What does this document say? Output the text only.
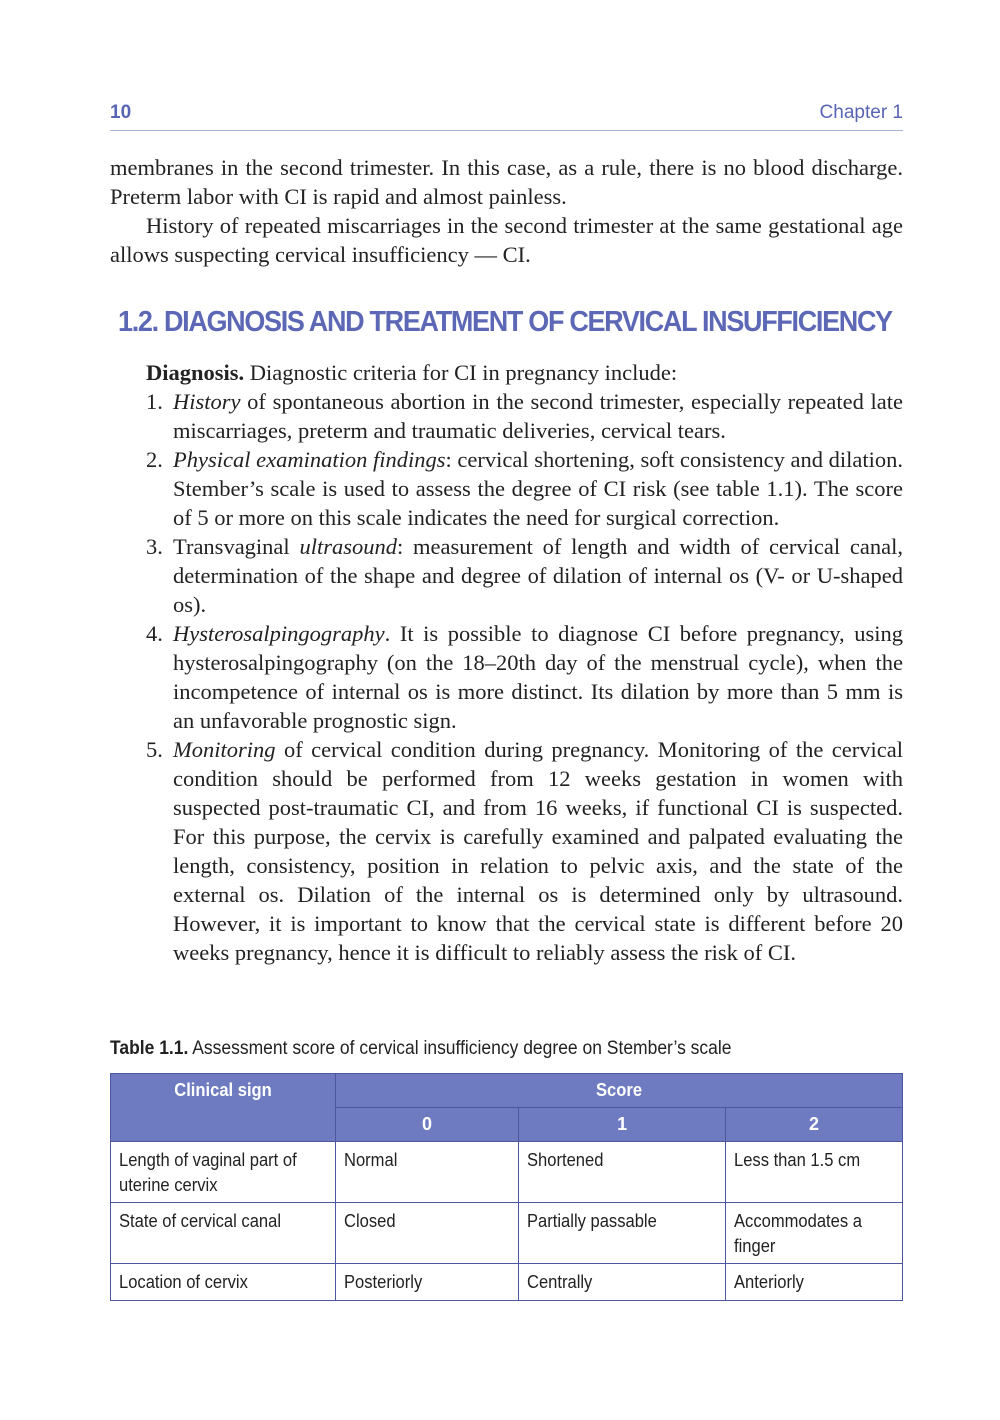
10	Chapter 1

membranes in the second trimester. In this case, as a rule, there is no blood discharge. Preterm labor with CI is rapid and almost painless.

History of repeated miscarriages in the second trimester at the same gestational age allows suspecting cervical insufficiency — CI.

1.2. DIAGNOSIS AND TREATMENT OF CERVICAL INSUFFICIENCY
Diagnosis. Diagnostic criteria for CI in pregnancy include:
1. History of spontaneous abortion in the second trimester, especially repeated late miscarriages, preterm and traumatic deliveries, cervical tears.
2. Physical examination findings: cervical shortening, soft consistency and dilation. Stember’s scale is used to assess the degree of CI risk (see table 1.1). The score of 5 or more on this scale indicates the need for surgical correction.
3. Transvaginal ultrasound: measurement of length and width of cervical canal, determination of the shape and degree of dilation of internal os (V- or U-shaped os).
4. Hysterosalpingography. It is possible to diagnose CI before pregnancy, using hysterosalpingography (on the 18–20th day of the menstrual cycle), when the incompetence of internal os is more distinct. Its dilation by more than 5 mm is an unfavorable prognostic sign.
5. Monitoring of cervical condition during pregnancy. Monitoring of the cervical condition should be performed from 12 weeks gestation in women with suspected post-traumatic CI, and from 16 weeks, if functional CI is suspected. For this purpose, the cervix is carefully examined and palpated evaluating the length, consistency, position in relation to pelvic axis, and the state of the external os. Dilation of the internal os is determined only by ultrasound. However, it is important to know that the cervical state is different before 20 weeks pregnancy, hence it is difficult to reliably assess the risk of CI.
Table 1.1. Assessment score of cervical insufficiency degree on Stember’s scale
Clinical sign	Score		
	0	1	2
Length of vaginal part of uterine cervix	Normal	Shortened	Less than 1.5 cm
State of cervical canal	Closed	Partially passable	Accommodates a finger
Location of cervix	Posteriorly	Centrally	Anteriorly
